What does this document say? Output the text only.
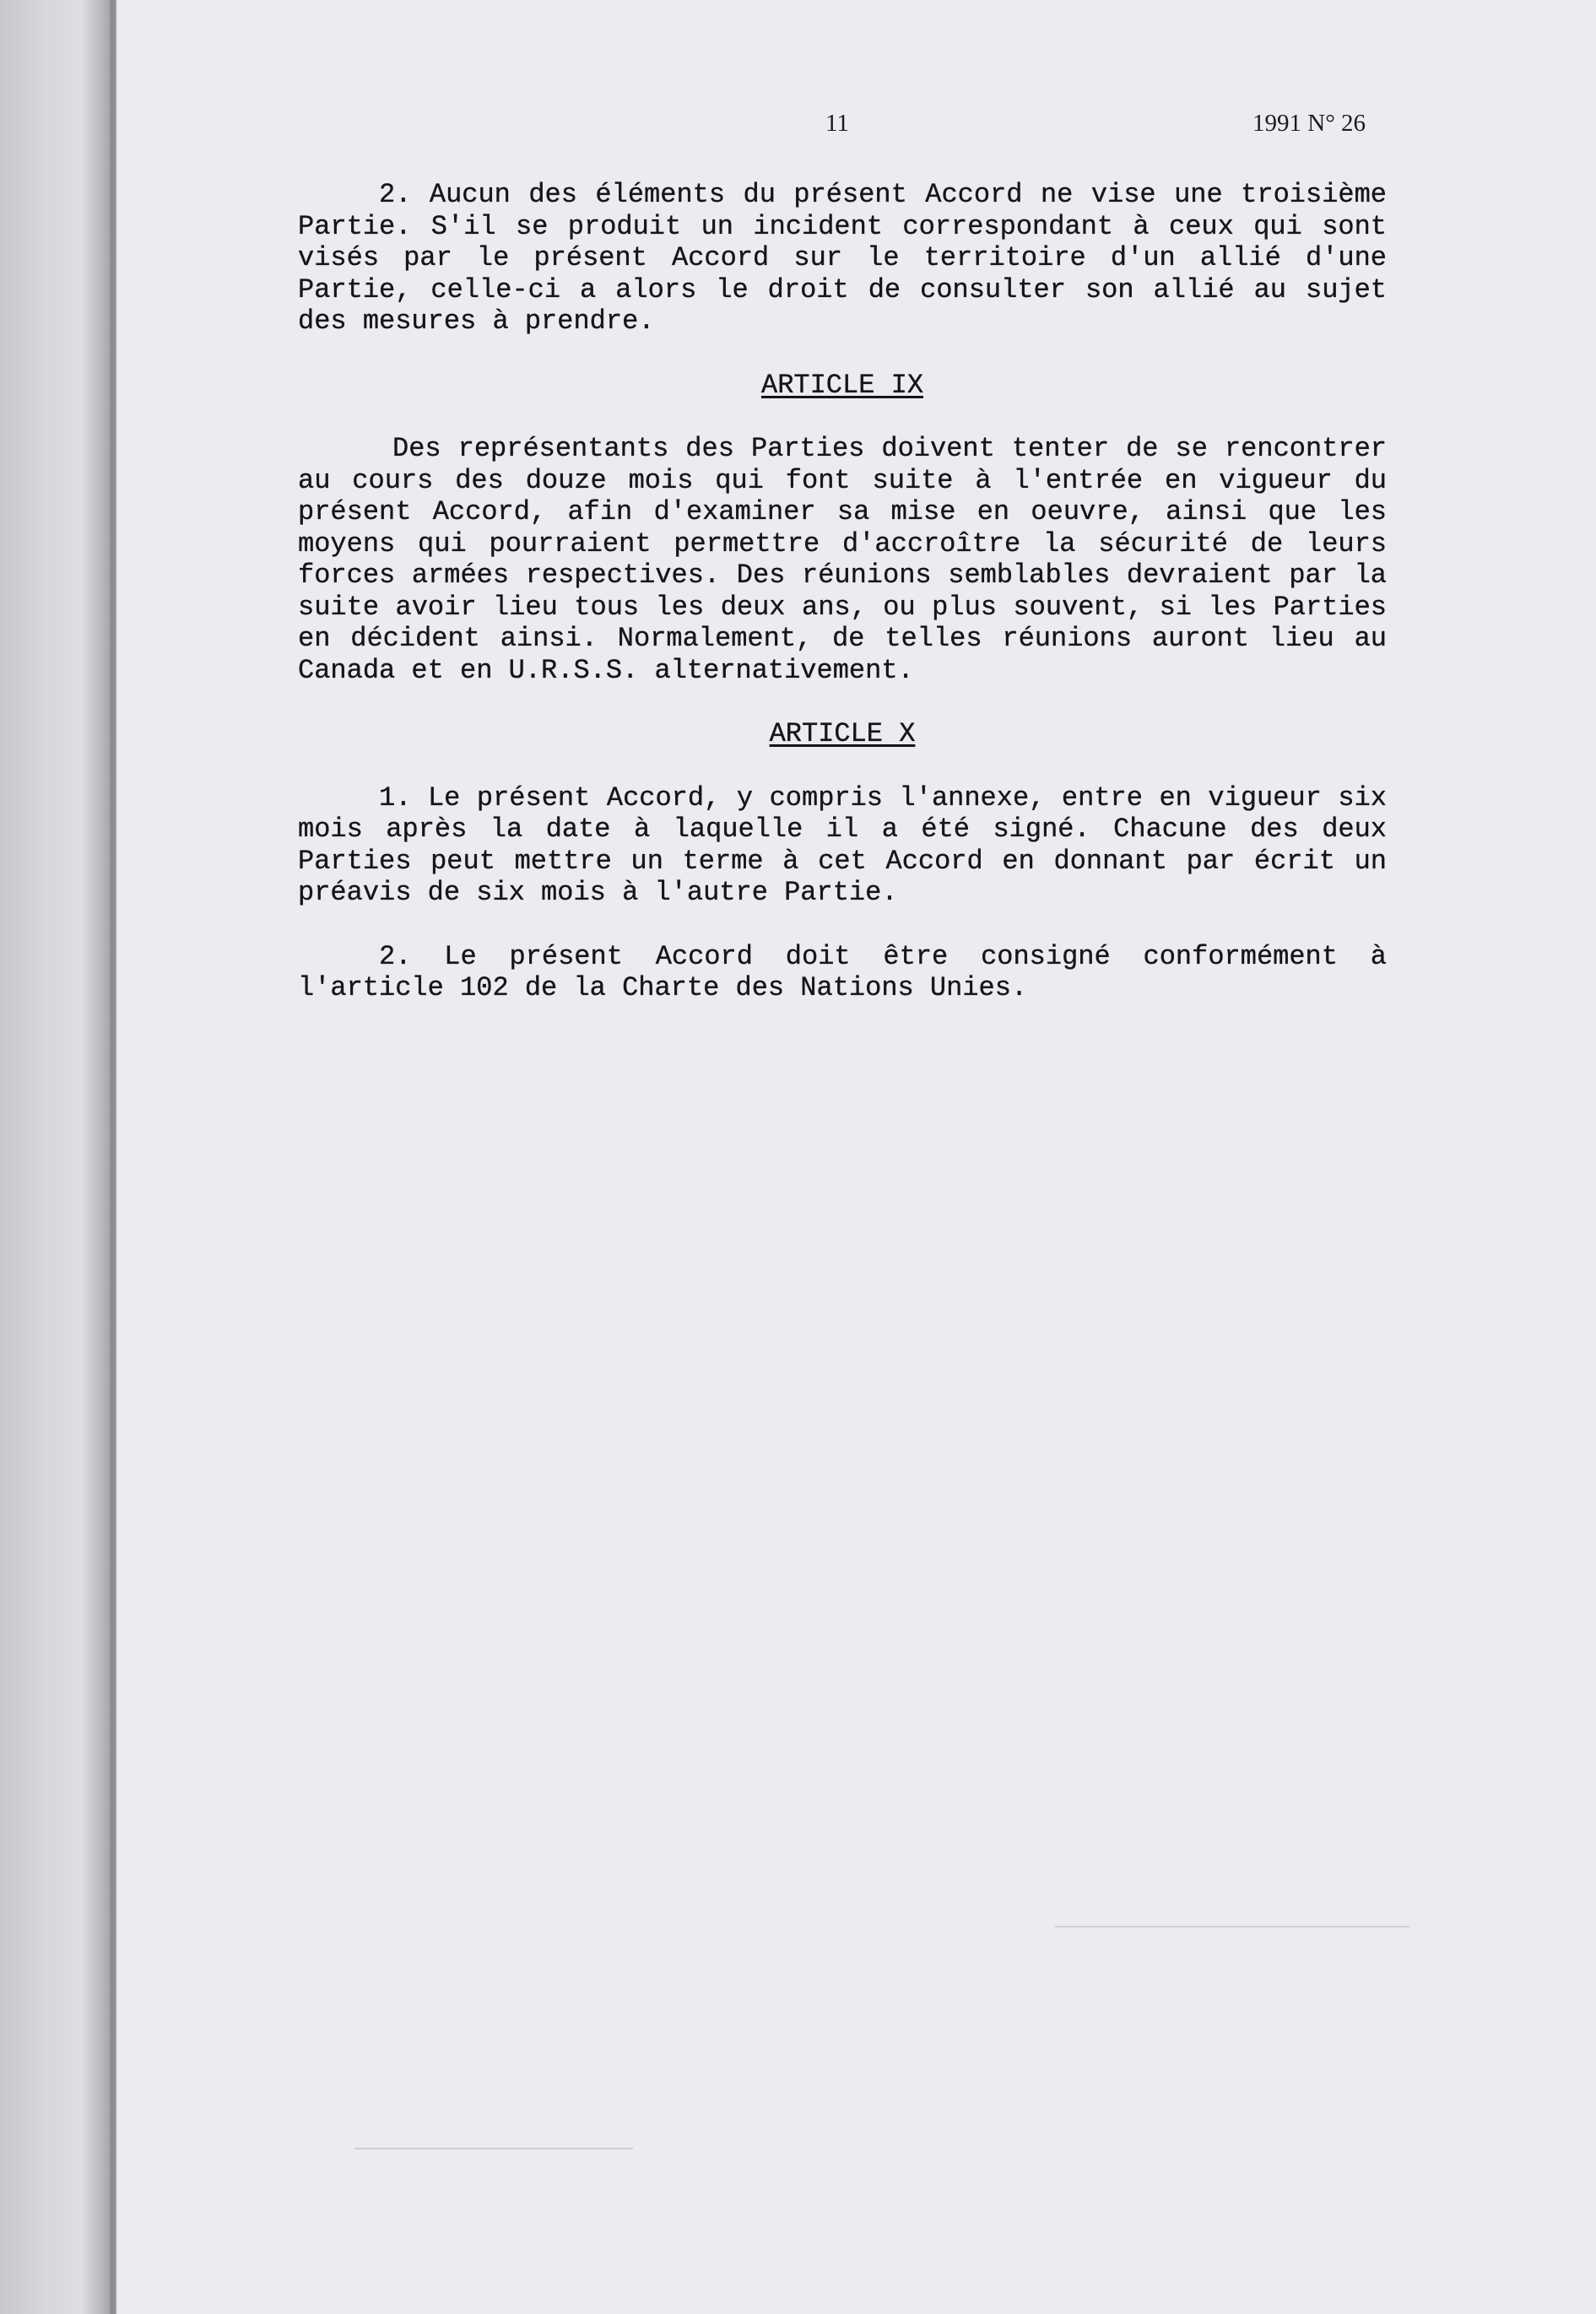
11	1991 N° 26

2. Aucun des éléments du présent Accord ne vise une troisième Partie. S'il se produit un incident correspondant à ceux qui sont visés par le présent Accord sur le territoire d'un allié d'une Partie, celle-ci a alors le droit de consulter son allié au sujet des mesures à prendre.

ARTICLE IX

Des représentants des Parties doivent tenter de se rencontrer au cours des douze mois qui font suite à l'entrée en vigueur du présent Accord, afin d'examiner sa mise en oeuvre, ainsi que les moyens qui pourraient permettre d'accroître la sécurité de leurs forces armées respectives. Des réunions semblables devraient par la suite avoir lieu tous les deux ans, ou plus souvent, si les Parties en décident ainsi. Normalement, de telles réunions auront lieu au Canada et en U.R.S.S. alternativement.

ARTICLE X

1. Le présent Accord, y compris l'annexe, entre en vigueur six mois après la date à laquelle il a été signé. Chacune des deux Parties peut mettre un terme à cet Accord en donnant par écrit un préavis de six mois à l'autre Partie.

2. Le présent Accord doit être consigné conformément à l'article 102 de la Charte des Nations Unies.
